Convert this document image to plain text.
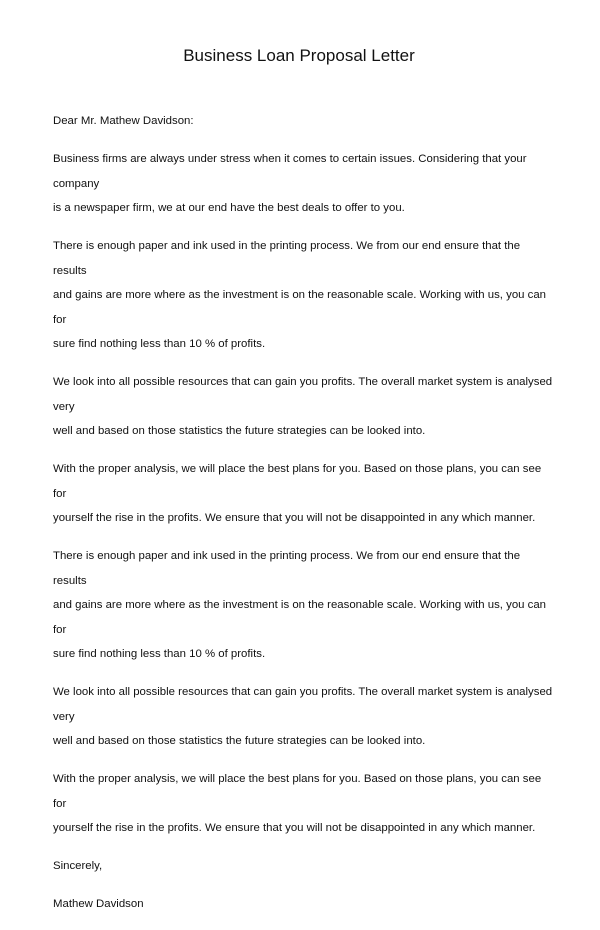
Business Loan Proposal Letter

Dear Mr. Mathew Davidson:

Business firms are always under stress when it comes to certain issues. Considering that your company
is a newspaper firm, we at our end have the best deals to offer to you.

There is enough paper and ink used in the printing process. We from our end ensure that the results
and gains are more where as the investment is on the reasonable scale. Working with us, you can for
sure find nothing less than 10 % of profits.

We look into all possible resources that can gain you profits. The overall market system is analysed very
well and based on those statistics the future strategies can be looked into.

With the proper analysis, we will place the best plans for you. Based on those plans, you can see for
yourself the rise in the profits. We ensure that you will not be disappointed in any which manner.

There is enough paper and ink used in the printing process. We from our end ensure that the results
and gains are more where as the investment is on the reasonable scale. Working with us, you can for
sure find nothing less than 10 % of profits.

We look into all possible resources that can gain you profits. The overall market system is analysed very
well and based on those statistics the future strategies can be looked into.

With the proper analysis, we will place the best plans for you. Based on those plans, you can see for
yourself the rise in the profits. We ensure that you will not be disappointed in any which manner.

Sincerely,

Mathew Davidson
